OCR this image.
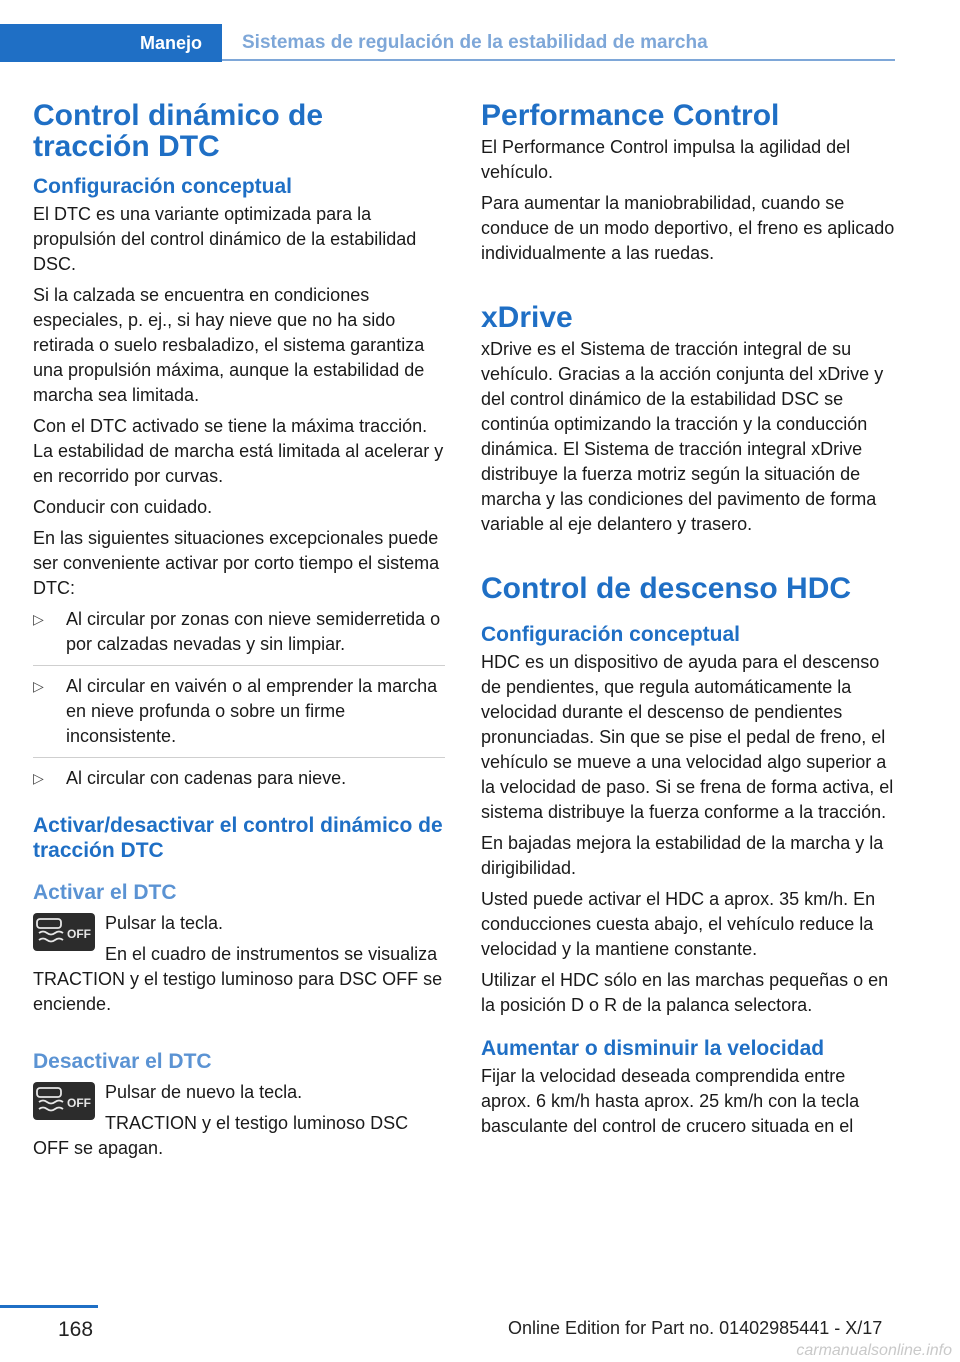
Manejo	Sistemas de regulación de la estabilidad de marcha
Control dinámico de tracción DTC
Configuración conceptual

El DTC es una variante optimizada para la propulsión del control dinámico de la estabilidad DSC.

Si la calzada se encuentra en condiciones especiales, p. ej., si hay nieve que no ha sido retirada o suelo resbaladizo, el sistema garantiza una propulsión máxima, aunque la estabilidad de marcha sea limitada.

Con el DTC activado se tiene la máxima tracción. La estabilidad de marcha está limitada al acelerar y en recorrido por curvas.

Conducir con cuidado.

En las siguientes situaciones excepcionales puede ser conveniente activar por corto tiempo el sistema DTC:

▷ Al circular por zonas con nieve semiderretida o por calzadas nevadas y sin limpiar.
▷ Al circular en vaivén o al emprender la marcha en nieve profunda o sobre un firme inconsistente.
▷ Al circular con cadenas para nieve.
Activar/desactivar el control dinámico de tracción DTC
Activar el DTC
OFF

Pulsar la tecla.

En el cuadro de instrumentos se visualiza TRACTION y el testigo luminoso para DSC OFF se enciende.

Desactivar el DTC
OFF

Pulsar de nuevo la tecla.

TRACTION y el testigo luminoso DSC OFF se apagan.

Performance Control

El Performance Control impulsa la agilidad del vehículo.

Para aumentar la maniobrabilidad, cuando se conduce de un modo deportivo, el freno es aplicado individualmente a las ruedas.

xDrive

xDrive es el Sistema de tracción integral de su vehículo. Gracias a la acción conjunta del xDrive y del control dinámico de la estabilidad DSC se continúa optimizando la tracción y la conducción dinámica. El Sistema de tracción integral xDrive distribuye la fuerza motriz según la situación de marcha y las condiciones del pavimento de forma variable al eje delantero y trasero.

Control de descenso HDC
Configuración conceptual

HDC es un dispositivo de ayuda para el descenso de pendientes, que regula automáticamente la velocidad durante el descenso de pendientes pronunciadas. Sin que se pise el pedal de freno, el vehículo se mueve a una velocidad algo superior a la velocidad de paso. Si se frena de forma activa, el sistema distribuye la fuerza conforme a la tracción.

En bajadas mejora la estabilidad de la marcha y la dirigibilidad.

Usted puede activar el HDC a aprox. 35 km/h. En conducciones cuesta abajo, el vehículo reduce la velocidad y la mantiene constante.

Utilizar el HDC sólo en las marchas pequeñas o en la posición D o R de la palanca selectora.

Aumentar o disminuir la velocidad

Fijar la velocidad deseada comprendida entre aprox. 6 km/h hasta aprox. 25 km/h con la tecla basculante del control de crucero situada en el

168	Online Edition for Part no. 01402985441 - X/17
carmanualsonline.info
